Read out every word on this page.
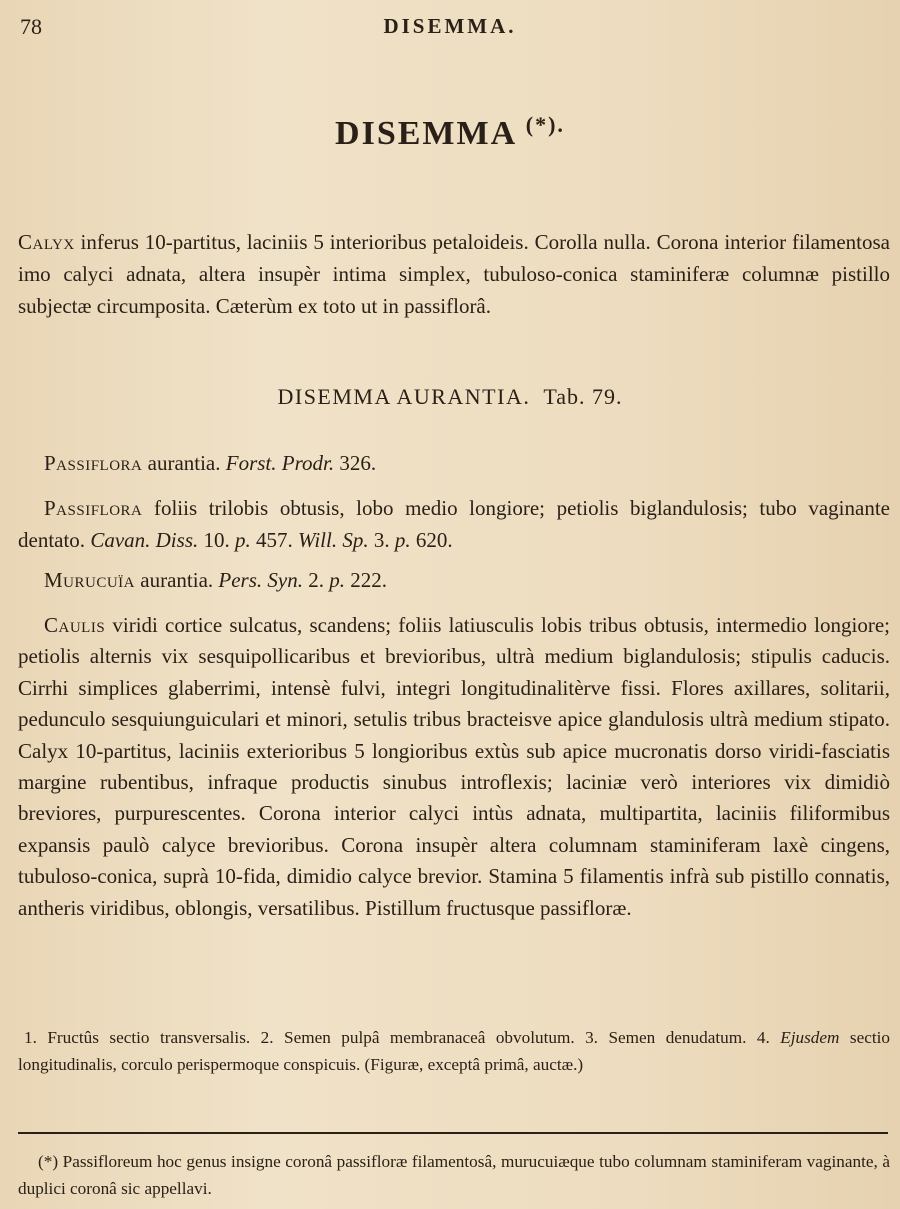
78	DISEMMA.
DISEMMA (*).
Calyx inferus 10-partitus, laciniis 5 interioribus petaloideis. Corolla nulla. Corona interior filamentosa imo calyci adnata, altera insupèr intima simplex, tubuloso-conica staminiferæ columnæ pistillo subjectæ circumposita. Cæterùm ex toto ut in passiflorâ.
DISEMMA AURANTIA. Tab. 79.
Passiflora aurantia. Forst. Prodr. 326.
Passiflora foliis trilobis obtusis, lobo medio longiore; petiolis biglandulosis; tubo vaginante dentato. Cavan. Diss. 10. p. 457. Will. Sp. 3. p. 620.
Murucuïa aurantia. Pers. Syn. 2. p. 222.
Caulis viridi cortice sulcatus, scandens; foliis latiusculis lobis tribus obtusis, intermedio longiore; petiolis alternis vix sesquipollicaribus et brevioribus, ultrà medium biglandulosis; stipulis caducis. Cirrhi simplices glaberrimi, intensè fulvi, integri longitudinalitèrve fissi. Flores axillares, solitarii, pedunculo sesquiunguiculari et minori, setulis tribus bracteisve apice glandulosis ultrà medium stipato. Calyx 10-partitus, laciniis exterioribus 5 longioribus extùs sub apice mucronatis dorso viridi-fasciatis margine rubentibus, infraque productis sinubus introflexis; laciniæ verò interiores vix dimidiò breviores, purpurescentes. Corona interior calyci intùs adnata, multipartita, laciniis filiformibus expansis paulò calyce brevioribus. Corona insupèr altera columnam staminiferam laxè cingens, tubuloso-conica, suprà 10-fida, dimidio calyce brevior. Stamina 5 filamentis infrà sub pistillo connatis, antheris viridibus, oblongis, versatilibus. Pistillum fructusque passifloræ.
1. Fructûs sectio transversalis. 2. Semen pulpâ membranaceâ obvolutum. 3. Semen denudatum. 4. Ejusdem sectio longitudinalis, corculo perispermoque conspicuis. (Figuræ, exceptâ primâ, auctæ.)
(*) Passifloreum hoc genus insigne coronâ passifloræ filamentosâ, murucuiæque tubo columnam staminiferam vaginante, à duplici coronâ sic appellavi.
